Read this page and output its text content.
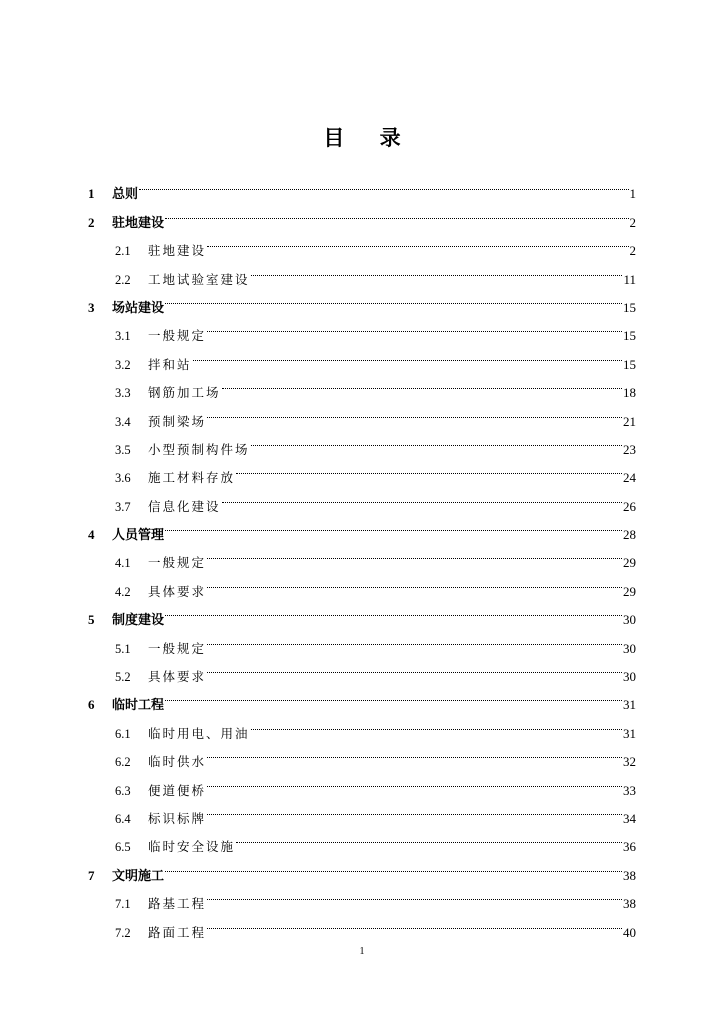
目 录
1	总则	1
2	驻地建设	2
2.1	驻地建设	2
2.2	工地试验室建设	11
3	场站建设	15
3.1	一般规定	15
3.2	拌和站	15
3.3	钢筋加工场	18
3.4	预制梁场	21
3.5	小型预制构件场	23
3.6	施工材料存放	24
3.7	信息化建设	26
4	人员管理	28
4.1	一般规定	29
4.2	具体要求	29
5	制度建设	30
5.1	一般规定	30
5.2	具体要求	30
6	临时工程	31
6.1	临时用电、用油	31
6.2	临时供水	32
6.3	便道便桥	33
6.4	标识标牌	34
6.5	临时安全设施	36
7	文明施工	38
7.1	路基工程	38
7.2	路面工程	40
1
